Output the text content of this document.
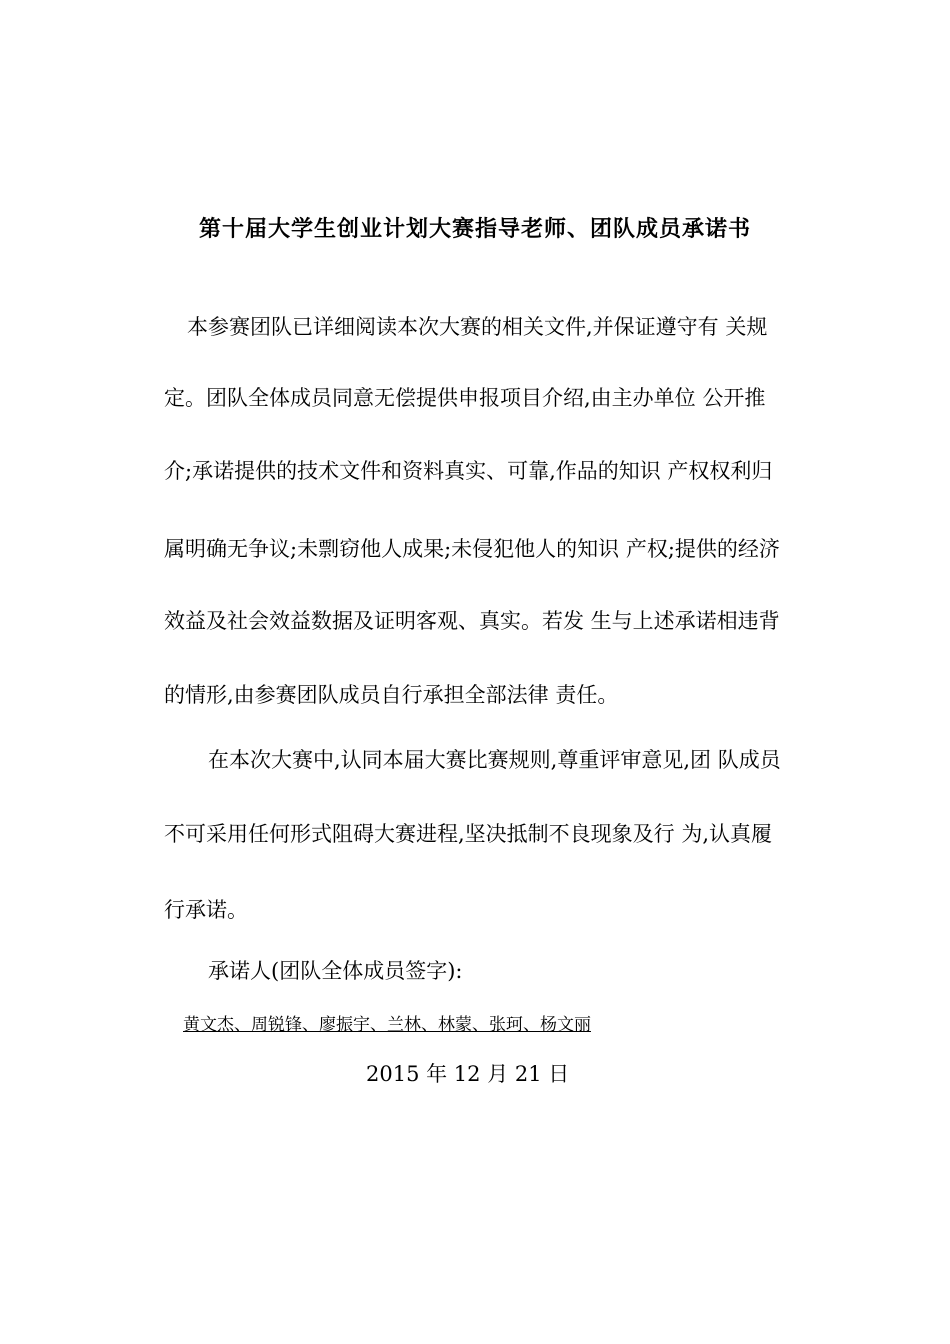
第十届大学生创业计划大赛指导老师、团队成员承诺书
本参赛团队已详细阅读本次大赛的相关文件,并保证遵守有 关规
定。团队全体成员同意无偿提供申报项目介绍,由主办单位 公开推
介;承诺提供的技术文件和资料真实、可靠,作品的知识 产权权利归
属明确无争议;未剽窃他人成果;未侵犯他人的知识 产权;提供的经济
效益及社会效益数据及证明客观、真实。若发 生与上述承诺相违背
的情形,由参赛团队成员自行承担全部法律 责任。
在本次大赛中,认同本届大赛比赛规则,尊重评审意见,团 队成员
不可采用任何形式阻碍大赛进程,坚决抵制不良现象及行 为,认真履
行承诺。
承诺人(团队全体成员签字):
黄文杰、周锐锋、廖振宇、兰林、林蒙、张珂、杨文丽
2015 年 12 月 21 日
